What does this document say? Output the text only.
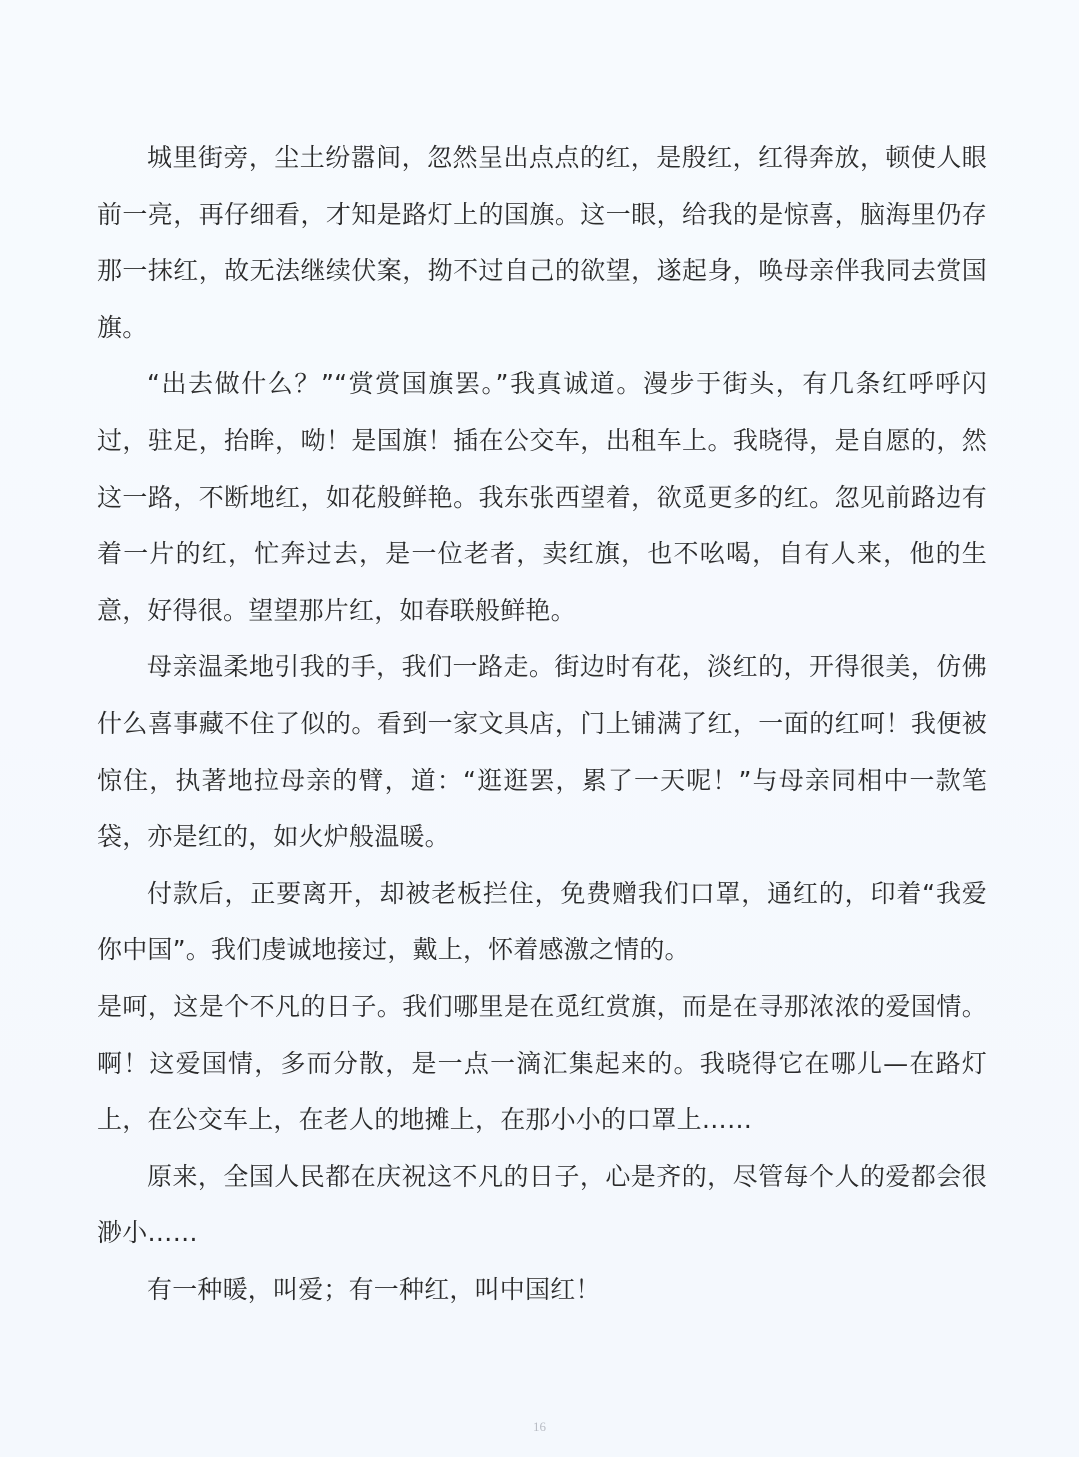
城里街旁，尘土纷嚣间，忽然呈出点点的红，是殷红，红得奔放，顿使人眼前一亮，再仔细看，才知是路灯上的国旗。这一眼，给我的是惊喜，脑海里仍存那一抹红，故无法继续伏案，拗不过自己的欲望，遂起身，唤母亲伴我同去赏国旗。

“出去做什么？”“赏赏国旗罢。”我真诚道。漫步于街头，有几条红呼呼闪过，驻足，抬眸，呦！是国旗！插在公交车，出租车上。我晓得，是自愿的，然这一路，不断地红，如花般鲜艳。我东张西望着，欲觅更多的红。忽见前路边有着一片的红，忙奔过去，是一位老者，卖红旗，也不吆喝，自有人来，他的生意，好得很。望望那片红，如春联般鲜艳。

母亲温柔地引我的手，我们一路走。街边时有花，淡红的，开得很美，仿佛什么喜事藏不住了似的。看到一家文具店，门上铺满了红，一面的红呵！我便被惊住，执著地拉母亲的臂，道：“逛逛罢，累了一天呢！”与母亲同相中一款笔袋，亦是红的，如火炉般温暖。

付款后，正要离开，却被老板拦住，免费赠我们口罩，通红的，印着“我爱你中国”。我们虔诚地接过，戴上，怀着感激之情的。

是呵，这是个不凡的日子。我们哪里是在觅红赏旗，而是在寻那浓浓的爱国情。啊！这爱国情，多而分散，是一点一滴汇集起来的。我晓得它在哪儿—在路灯上，在公交车上，在老人的地摊上，在那小小的口罩上……

原来，全国人民都在庆祝这不凡的日子，心是齐的，尽管每个人的爱都会很渺小……

有一种暖，叫爱；有一种红，叫中国红！

16
